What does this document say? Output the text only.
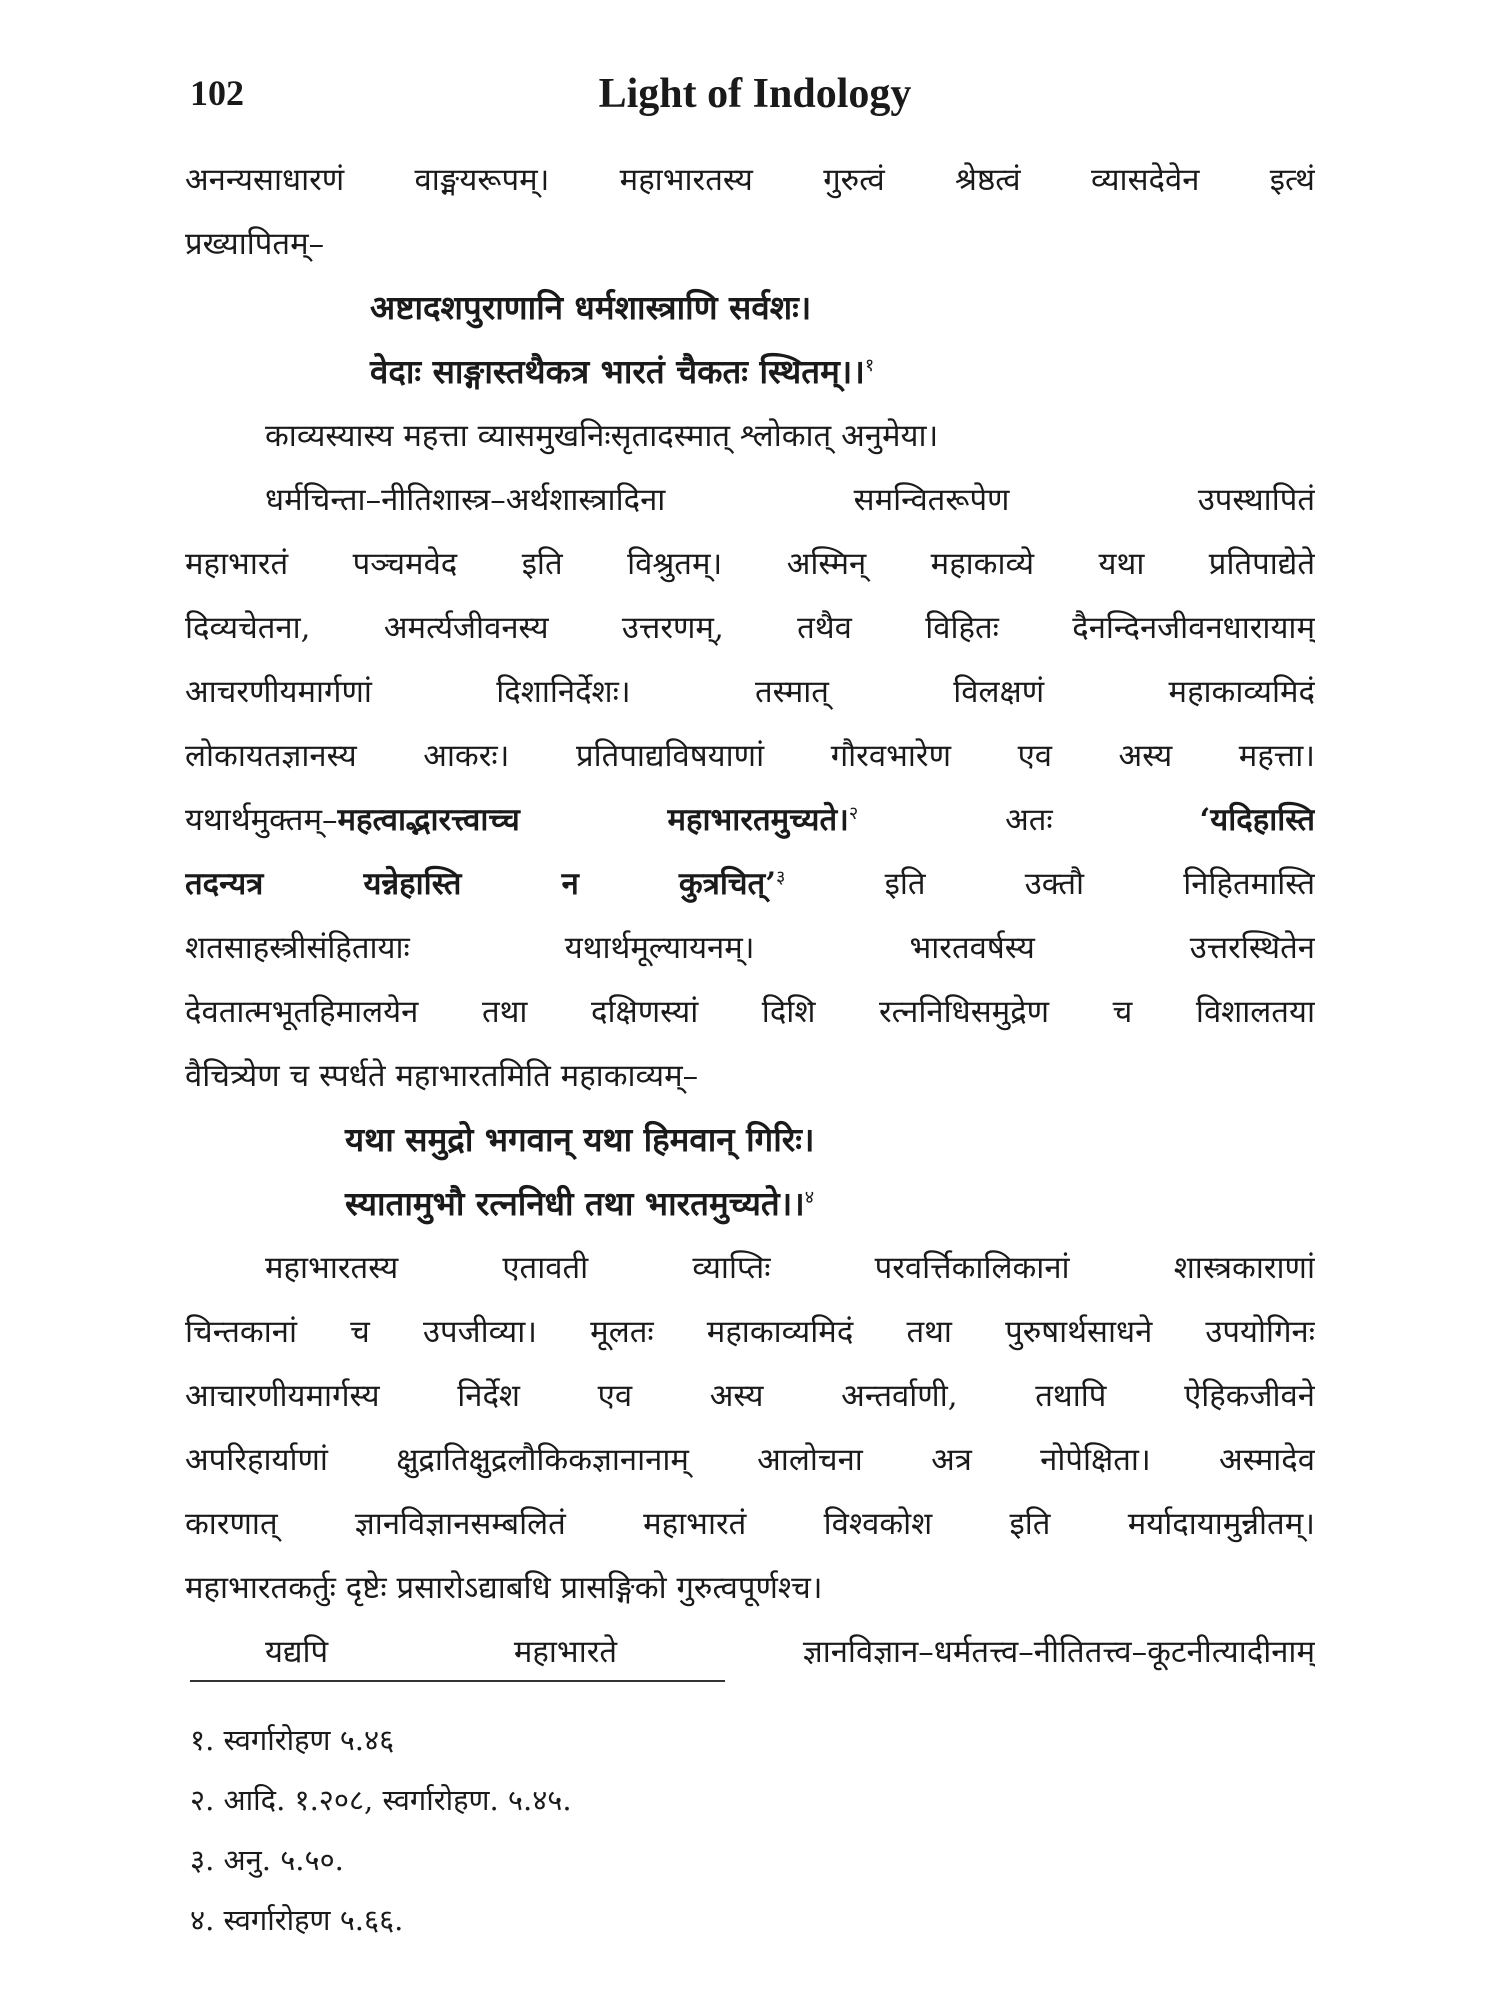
102	Light of Indology
अनन्यसाधारणं वाङ्मयरूपम्। महाभारतस्य गुरुत्वं श्रेष्ठत्वं व्यासदेवेन इत्थं
प्रख्यापितम्–
अष्टादशपुराणानि धर्मशास्त्राणि सर्वशः।
वेदाः साङ्गास्तथैकत्र भारतं चैकतः स्थितम्।।$^१$
काव्यस्यास्य महत्ता व्यासमुखनिःसृतादस्मात् श्लोकात् अनुमेया।
धर्मचिन्ता–नीतिशास्त्र–अर्थशास्त्रादिना समन्वितरूपेण उपस्थापितं
महाभारतं पञ्चमवेद इति विश्रुतम्। अस्मिन् महाकाव्ये यथा प्रतिपाद्येते
दिव्यचेतना, अमर्त्यजीवनस्य उत्तरणम्, तथैव विहितः दैनन्दिनजीवनधारायाम्
आचरणीयमार्गणां दिशानिर्देशः। तस्मात् विलक्षणं महाकाव्यमिदं
लोकायतज्ञानस्य आकरः। प्रतिपाद्यविषयाणां गौरवभारेण एव अस्य महत्ता।
यथार्थमुक्तम्–महत्वाद्भारत्त्वाच्च महाभारतमुच्यते।$^२$ अतः ‘यदिहास्ति
तदन्यत्र यन्नेहास्ति न कुत्रचित्’$^३$ इति उक्तौ निहितमास्ति
शतसाहस्त्रीसंहितायाः यथार्थमूल्यायनम्। भारतवर्षस्य उत्तरस्थितेन
देवतात्मभूतहिमालयेन तथा दक्षिणस्यां दिशि रत्ननिधिसमुद्रेण च विशालतया
वैचित्र्येण च स्पर्धते महाभारतमिति महाकाव्यम्–
यथा समुद्रो भगवान् यथा हिमवान् गिरिः।
स्यातामुभौ रत्ननिधी तथा भारतमुच्यते।।$^४$
महाभारतस्य एतावती व्याप्तिः परवर्त्तिकालिकानां शास्त्रकाराणां
चिन्तकानां च उपजीव्या। मूलतः महाकाव्यमिदं तथा पुरुषार्थसाधने उपयोगिनः
आचारणीयमार्गस्य निर्देश एव अस्य अन्तर्वाणी, तथापि ऐहिकजीवने
अपरिहार्याणां क्षुद्रातिक्षुद्रलौकिकज्ञानानाम् आलोचना अत्र नोपेक्षिता। अस्मादेव
कारणात् ज्ञानविज्ञानसम्बलितं महाभारतं विश्वकोश इति मर्यादायामुन्नीतम्।
महाभारतकर्तुः दृष्टेः प्रसारोऽद्याबधि प्रासङ्गिको गुरुत्वपूर्णश्च।
यद्यपि महाभारते ज्ञानविज्ञान–धर्मतत्त्व–नीतितत्त्व–कूटनीत्यादीनाम्
१. स्वर्गारोहण ५.४६
२. आदि. १.२०८, स्वर्गारोहण. ५.४५.
३. अनु. ५.५०.
४. स्वर्गारोहण ५.६६.
